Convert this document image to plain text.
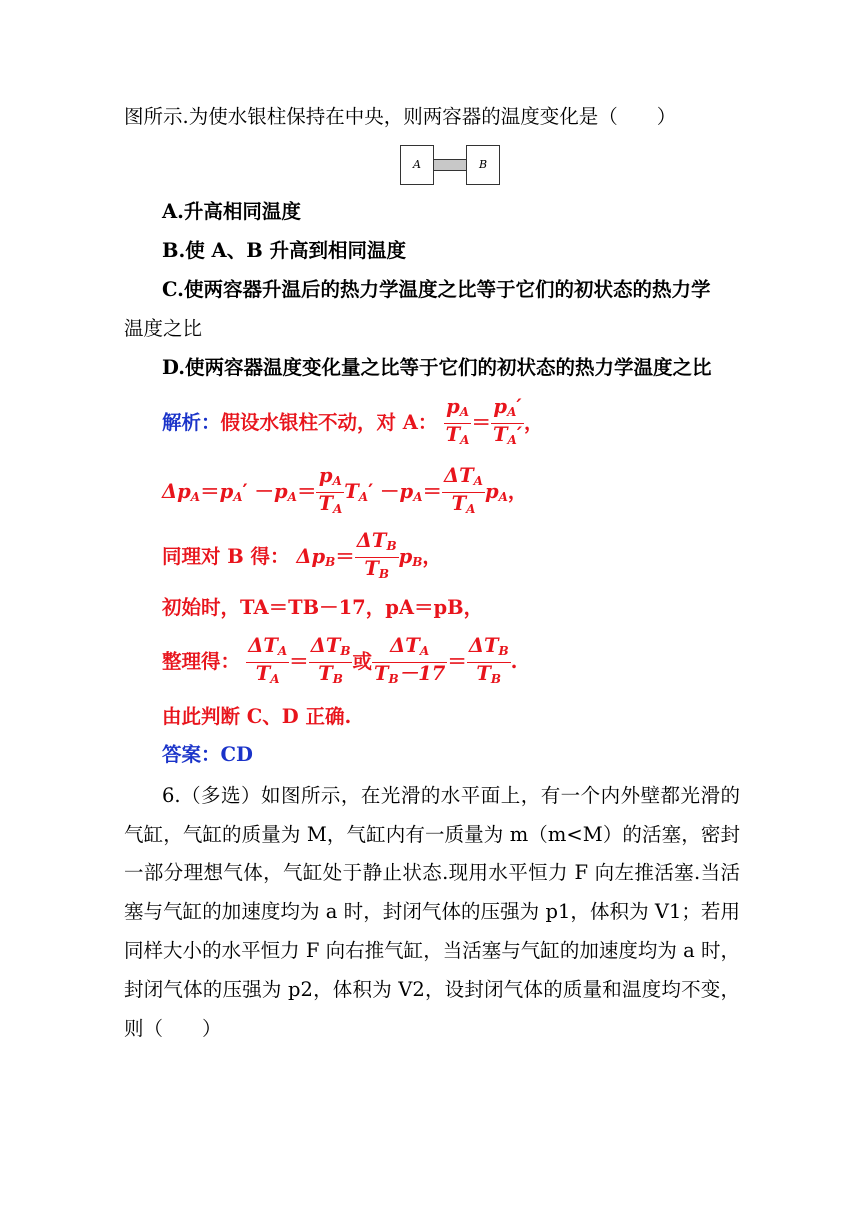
图所示.为使水银柱保持在中央，则两容器的温度变化是（　　）
A	B
A.升高相同温度
B.使 A、B 升高到相同温度
C.使两容器升温后的热力学温度之比等于它们的初状态的热力学
温度之比
D.使两容器温度变化量之比等于它们的初状态的热力学温度之比
解析：假设水银柱不动，对 A： $\frac{p_A}{T_A} = \frac{p_A'}{T_A'}$ ，
$\Delta p_A=p_A' -p_A= \frac{p_A}{T_A} T_A' -p_A=$
$\Delta T_A$
$T_A$
$p_A$，
同理对 B 得： $\Delta p_B=$
$\Delta T_B$
$T_B$
$p_B$，
初始时，TA＝TB－17，pA＝pB，
整理得：
$\Delta T_A$
$T_A$
＝
$\Delta T_B$
$T_B$
或
$\Delta T_A$
$T_B-17$
＝
$\Delta T_B$
$T_B$
.
由此判断 C、D 正确.
答案：CD
6.（多选）如图所示，在光滑的水平面上，有一个内外壁都光滑的
气缸，气缸的质量为 M，气缸内有一质量为 m（m<M）的活塞，密封
一部分理想气体，气缸处于静止状态.现用水平恒力 F 向左推活塞.当活
塞与气缸的加速度均为 a 时，封闭气体的压强为 p1，体积为 V1；若用
同样大小的水平恒力 F 向右推气缸，当活塞与气缸的加速度均为 a 时，
封闭气体的压强为 p2，体积为 V2，设封闭气体的质量和温度均不变，
则（　　）
